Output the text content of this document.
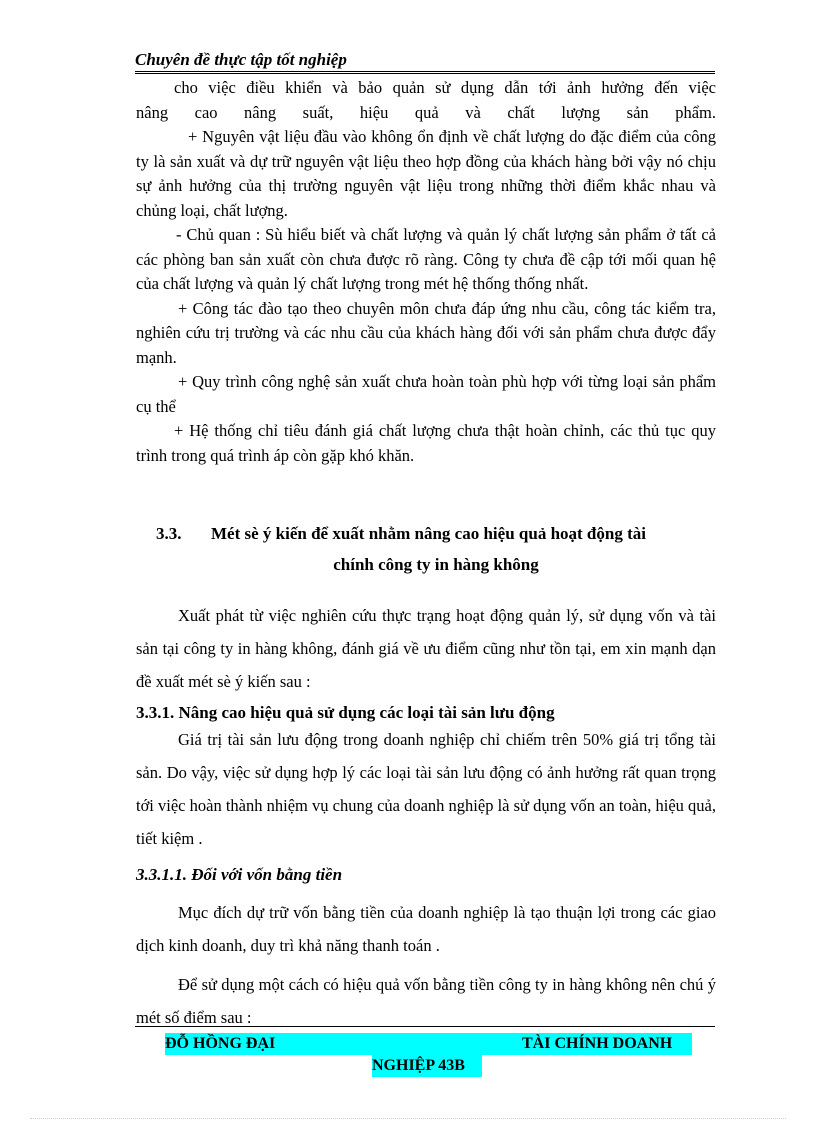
Chuyên đề thực tập tốt nghiệp

cho việc điều khiển và bảo quản sử dụng dẫn tới ảnh hưởng đến việc

nâng cao nâng suất, hiệu quả và chất lượng sản phẩm.

+ Nguyên vật liệu đầu vào không ổn định về chất lượng do đặc điểm của công ty là sản xuất và dự trữ nguyên vật liệu theo hợp đồng của khách hàng bởi vậy nó chịu sự ảnh hưởng của thị trường nguyên vật liệu trong những thời điểm khắc nhau và chủng loại, chất lượng.

- Chủ quan : Sù hiểu biết và chất lượng và quản lý chất lượng sản phẩm ở tất cả các phòng ban sản xuất còn chưa được rõ ràng. Công ty chưa đề cập tới mối quan hệ của chất lượng và quản lý chất lượng trong mét hệ thống thống nhất.

+ Công tác đào tạo theo chuyên môn chưa đáp ứng nhu cầu, công tác kiểm tra, nghiên cứu trị trường và các nhu cầu của khách hàng đối với sản phẩm chưa được đẩy mạnh.

+ Quy trình công nghệ sản xuất chưa hoàn toàn phù hợp với từng loại sản phẩm cụ thể

+ Hệ thống chỉ tiêu đánh giá chất lượng chưa thật hoàn chỉnh, các thủ tục quy trình trong quá trình áp còn gặp khó khăn.

3.3. Mét sè ý kiến để xuất nhằm nâng cao hiệu quả hoạt động tài
chính công ty in hàng không

Xuất phát từ việc nghiên cứu thực trạng hoạt động quản lý, sử dụng vốn và tài sản tại công ty in hàng không, đánh giá về ưu điểm cũng như tồn tại, em xin mạnh dạn đề xuất mét sè ý kiến sau :

3.3.1. Nâng cao hiệu quả sử dụng các loại tài sản lưu động

Giá trị tài sản lưu động trong doanh nghiệp chỉ chiếm trên 50% giá trị tổng tài sản. Do vậy, việc sử dụng hợp lý các loại tài sản lưu động có ảnh hưởng rất quan trọng tới việc hoàn thành nhiệm vụ chung của doanh nghiệp là sử dụng vốn an toàn, hiệu quả, tiết kiệm .

3.3.1.1. Đối với vốn bằng tiền

Mục đích dự trữ vốn bằng tiền của doanh nghiệp là tạo thuận lợi trong các giao dịch kinh doanh, duy trì khả năng thanh toán .

Để sử dụng một cách có hiệu quả vốn bằng tiền công ty in hàng không nên chú ý mét số điểm sau :

ĐỖ HỒNG ĐẠI	TÀI CHÍNH DOANH
NGHIỆP 43B
